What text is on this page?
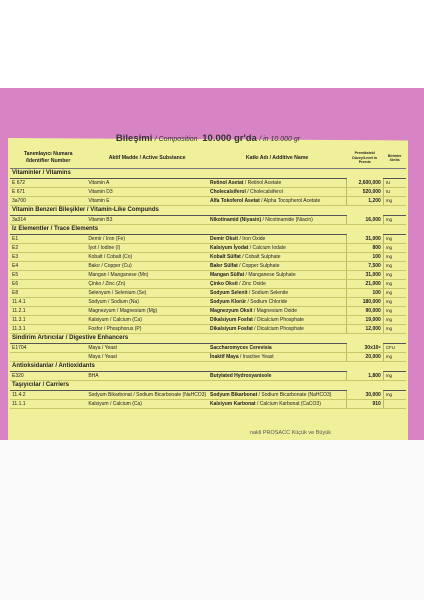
Bileşimi / Composition 10.000 gr'da / in 10.000 gr
Tanımlayıcı Numara /Identifier Number	Aktif Madde / Active Substance	Katkı Adı / Additive Name	Premikstekl Düzey/Level in Premix	Birimler /Units
Vitaminler / Vitamins				
E 672	Vitamin A	Retinol Asetat / Retinol Acetate	2,600,000	IU
E 671	Vitamin D3	Cholecalsiferol / Cholecalsiferol	520,000	IU
3a700	Vitamin E	Alfa Tokoferol Asetat / Alpha Tocopherol Acetate	1,200	mg
Vitamin Benzeri Bileşikler / Vitamin-Like Compunds				
3a314	Vitamin B3	Nikotinamid (Niyasin) / Nicotinamide (Niacin)	16,000	mg
İz Elementler / Trace Elements				
E1	Demir / Iron (Fe)	Demir Oksit / Iron Oxide	31,000	mg
E2	İyot / Iodine (I)	Kalsiyum İyodat / Calcium Iodate	800	mg
E3	Kobalt / Cobalt (Co)	Kobalt Sülfat / Cobalt Sulphate	100	mg
E4	Bakır / Copper (Cu)	Bakır Sülfat / Copper Sulphate	7,500	mg
E5	Mangan / Manganese (Mn)	Mangan Sülfat / Manganese Sulphate	31,000	mg
E6	Çinko / Zinc (Zn)	Çinko Oksit / Zinc Oxide	21,000	mg
E8	Selenyum / Selenium (Se)	Sodyum Selenit / Sodium Selenite	100	mg
11.4.1	Sodyum / Sodium (Na)	Sodyum Klorür / Sodium Chloride	180,000	mg
11.2.1	Magnezyum / Magnesium (Mg)	Magnezyum Oksit / Magnesium Oxide	90,000	mg
11.3.1	Kalsiyum / Calcium (Ca)	Dikalsiyum Fosfat / Dicalcium Phosphate	19,000	mg
11.3.1	Fosfor / Phosphorus (P)	Dikalsiyum Fosfat / Dicalcium Phosphate	12,000	mg
Sindirim Artırıcılar / Digestive Enhancers				
E1704	Maya / Yeast	Saccharomyces Cerevisia	30x10⁹	CFU
	Maya / Yeast	İnaktif Maya / Inactive Yeast	20,000	mg
Antioksidanlar / Antioxidants				
E320	BHA	Butylated Hydroxyanisole	1,800	mg
Taşıyıcılar / Carriers				
11.4.2	Sodyum Bikarbonat / Sodium Bicarbonate (NaHCO3)	Sodyum Bikarbonat / Sodium Bicarbonate (NaHCO3)	30,000	mg
11.1.1	Kalsiyum / Calcium (Ca)	Kalsiyum Karbonat / Calcium Karbonat (CaCO3)	910	
nakli PROSACC Küçük ve Büyük
